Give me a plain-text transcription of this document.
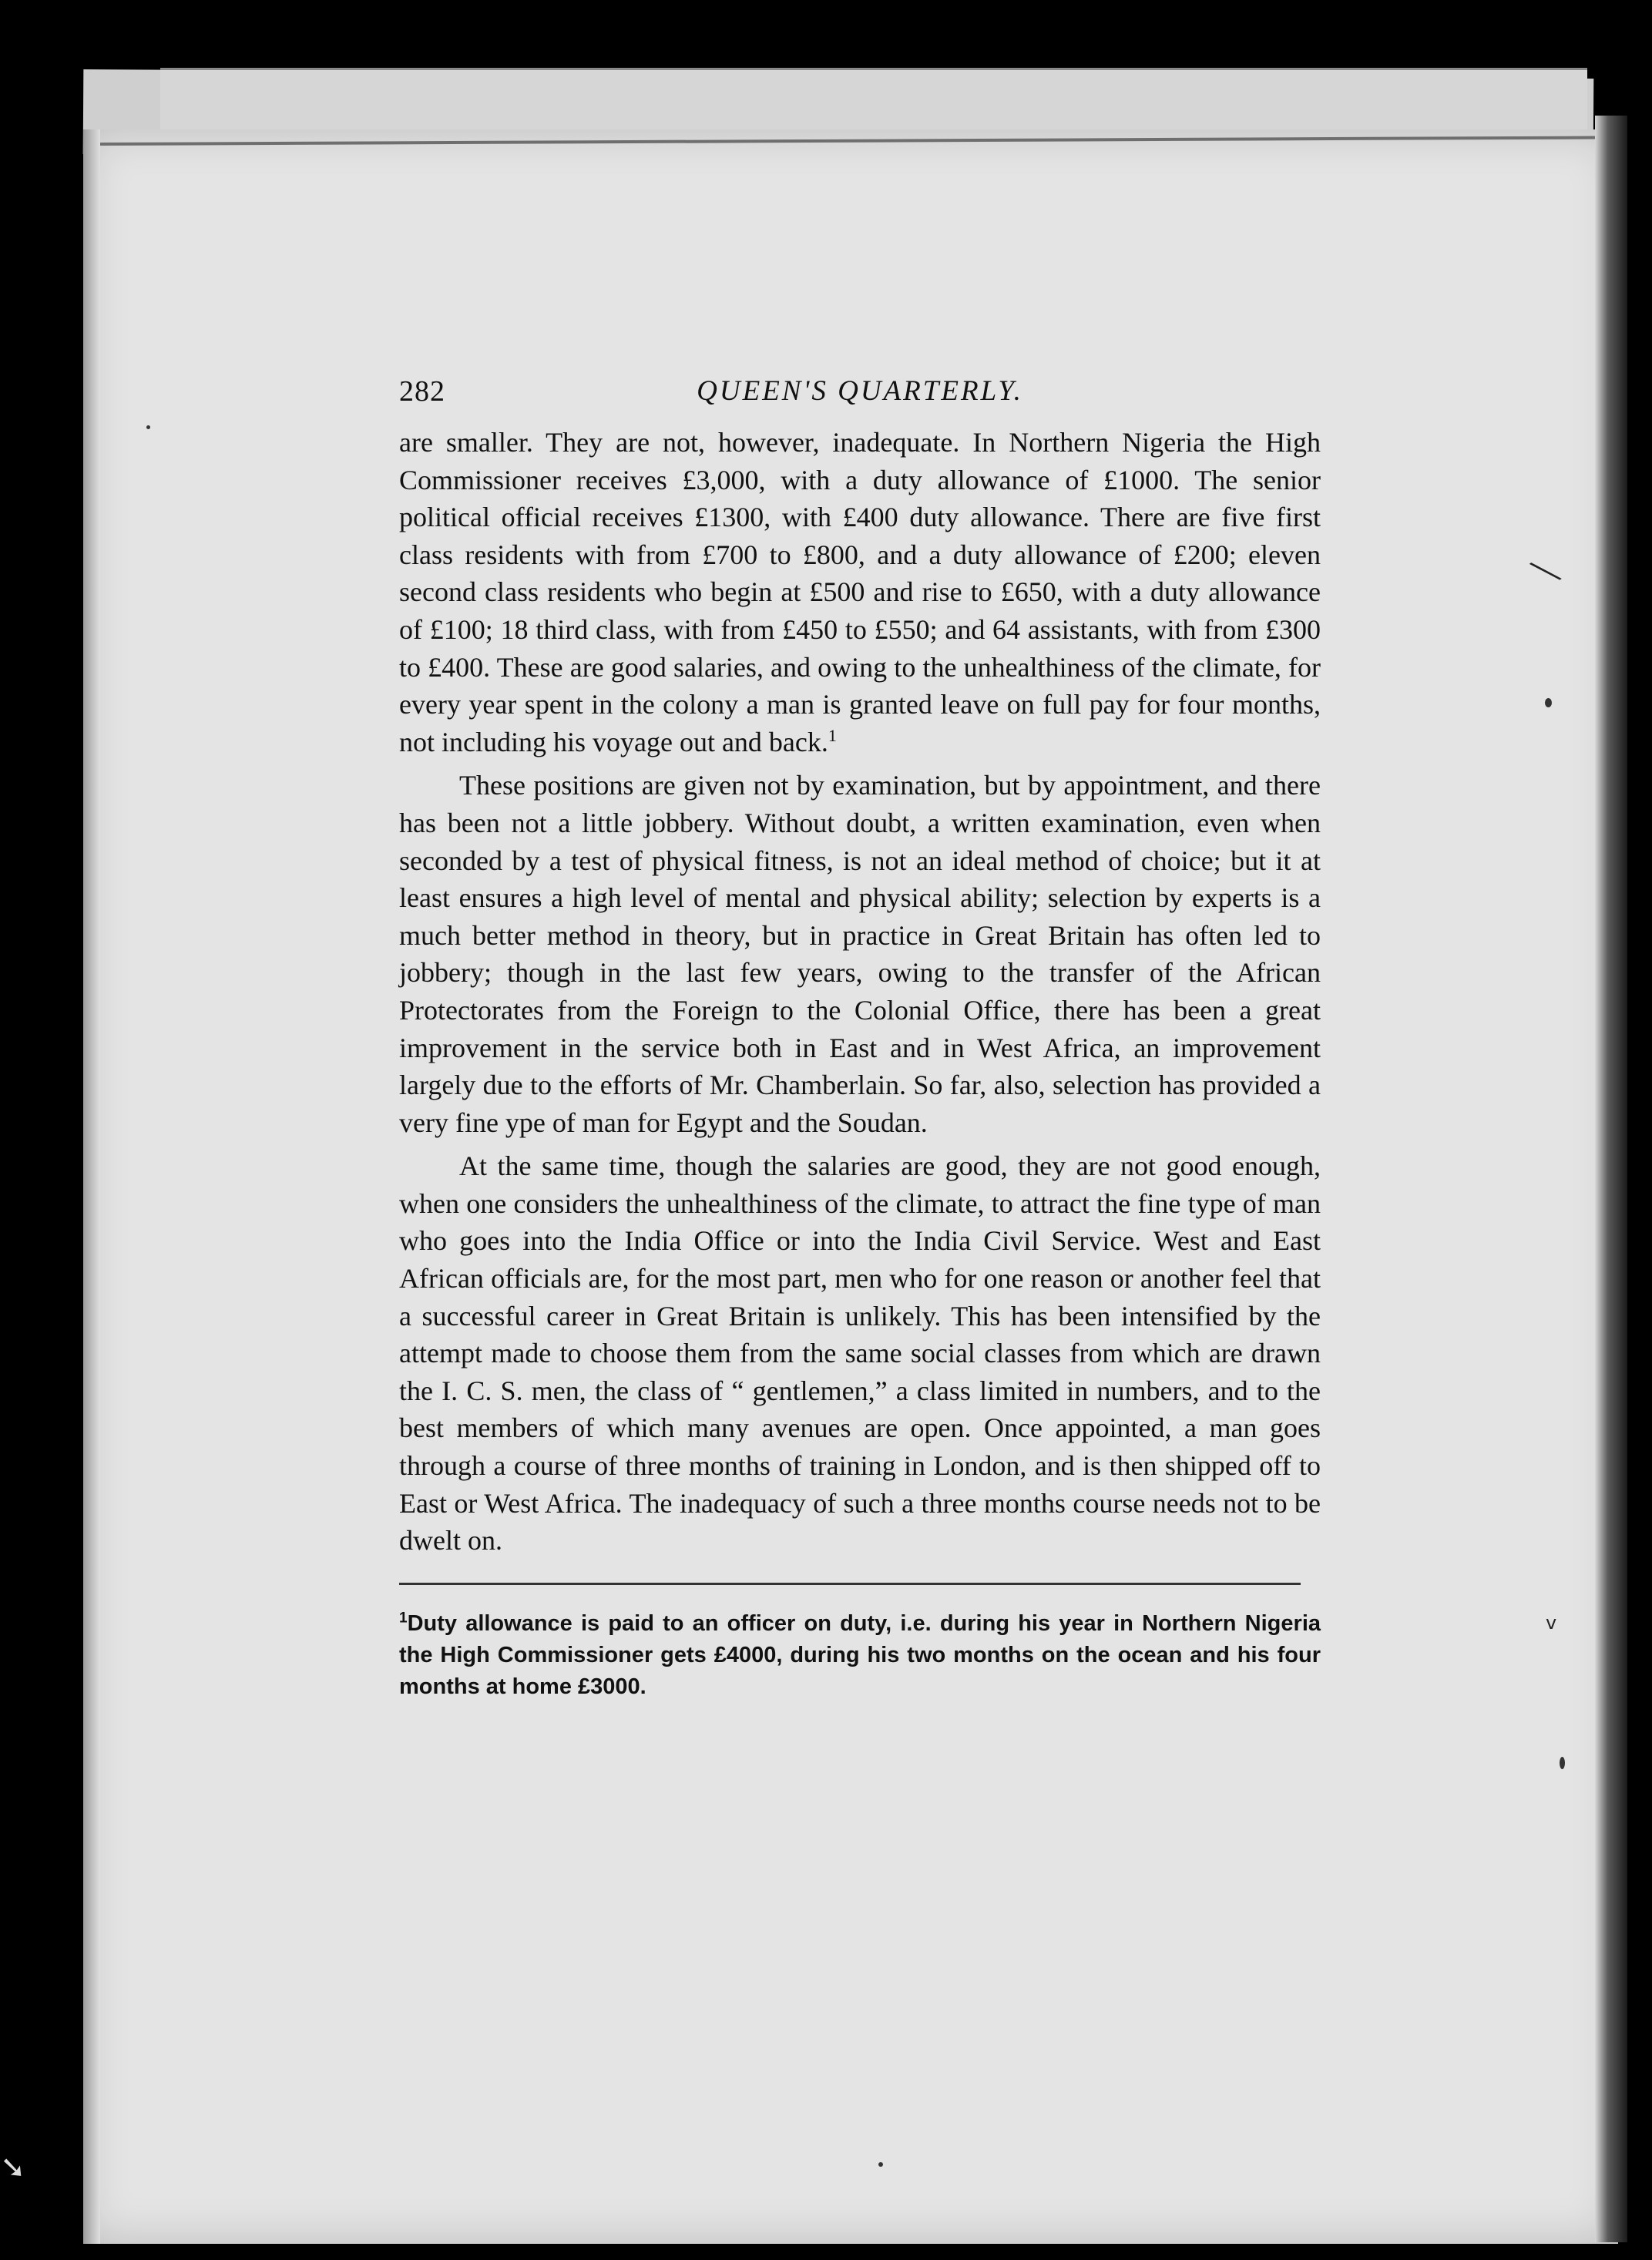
╲
v
➘
282	QUEEN'S QUARTERLY.

are smaller. They are not, however, inadequate. In Northern Nigeria the High Commissioner receives £3,000, with a duty allowance of £1000. The senior political official receives £1300, with £400 duty allowance. There are five first class residents with from £700 to £800, and a duty allowance of £200; eleven second class residents who begin at £500 and rise to £650, with a duty allowance of £100; 18 third class, with from £450 to £550; and 64 assistants, with from £300 to £400. These are good salaries, and owing to the unhealthiness of the climate, for every year spent in the colony a man is granted leave on full pay for four months, not including his voyage out and back.$^1$

These positions are given not by examination, but by appointment, and there has been not a little jobbery. Without doubt, a written examination, even when seconded by a test of physical fitness, is not an ideal method of choice; but it at least ensures a high level of mental and physical ability; selection by experts is a much better method in theory, but in practice in Great Britain has often led to jobbery; though in the last few years, owing to the transfer of the African Protectorates from the Foreign to the Colonial Office, there has been a great improvement in the service both in East and in West Africa, an improvement largely due to the efforts of Mr. Chamberlain. So far, also, selection has provided a very fine ype of man for Egypt and the Soudan.

At the same time, though the salaries are good, they are not good enough, when one considers the unhealthiness of the climate, to attract the fine type of man who goes into the India Office or into the India Civil Service. West and East African officials are, for the most part, men who for one reason or another feel that a successful career in Great Britain is unlikely. This has been intensified by the attempt made to choose them from the same social classes from which are drawn the I. C. S. men, the class of “ gentlemen,” a class limited in numbers, and to the best members of which many avenues are open. Once appointed, a man goes through a course of three months of training in London, and is then shipped off to East or West Africa. The inadequacy of such a three months course needs not to be dwelt on.

$^1$Duty allowance is paid to an officer on duty, i.e. during his year in Northern Nigeria the High Commissioner gets £4000, during his two months on the ocean and his four months at home £3000.
